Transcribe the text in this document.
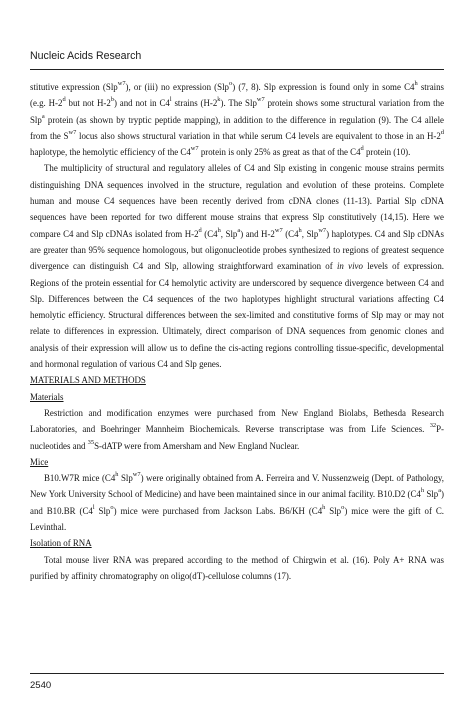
Nucleic Acids Research

stitutive expression (Slp$^{w7}$), or (iii) no expression (Slp$^o$) (7, 8). Slp expression is found only in some C4$^h$ strains (e.g. H-2$^d$ but not H-2$^b$) and not in C4$^l$ strains (H-2$^k$). The Slp$^{w7}$ protein shows some structural variation from the Slp$^a$ protein (as shown by tryptic peptide mapping), in addition to the difference in regulation (9). The C4 allele from the $S^{w7}$ locus also shows structural variation in that while serum C4 levels are equivalent to those in an H-2$^d$ haplotype, the hemolytic efficiency of the $C4^{w7}$ protein is only 25% as great as that of the C4$^d$ protein (10).

The multiplicity of structural and regulatory alleles of C4 and Slp existing in congenic mouse strains permits distinguishing DNA sequences involved in the structure, regulation and evolution of these proteins. Complete human and mouse C4 sequences have been recently derived from cDNA clones (11-13). Partial Slp cDNA sequences have been reported for two different mouse strains that express Slp constitutively (14,15). Here we compare C4 and Slp cDNAs isolated from H-2$^d$ (C4$^h$, Slp$^a$) and $H-2^{w7}$ (C4$^h$, Slp$^{w7}$) haplotypes. C4 and Slp cDNAs are greater than 95% sequence homologous, but oligonucleotide probes synthesized to regions of greatest sequence divergence can distinguish C4 and Slp, allowing straightforward examination of in vivo levels of expression. Regions of the protein essential for C4 hemolytic activity are underscored by sequence divergence between C4 and Slp. Differences between the C4 sequences of the two haplotypes highlight structural variations affecting C4 hemolytic efficiency. Structural differences between the sex-limited and constitutive forms of Slp may or may not relate to differences in expression. Ultimately, direct comparison of DNA sequences from genomic clones and analysis of their expression will allow us to define the cis-acting regions controlling tissue-specific, developmental and hormonal regulation of various C4 and Slp genes.

MATERIALS AND METHODS

Materials

Restriction and modification enzymes were purchased from New England Biolabs, Bethesda Research Laboratories, and Boehringer Mannheim Biochemicals. Reverse transcriptase was from Life Sciences. $^{32}$P-nucleotides and $^{35}$S-dATP were from Amersham and New England Nuclear.

Mice

B10.W7R mice (C4$^h$ Slp$^{w7}$) were originally obtained from A. Ferreira and V. Nussenzweig (Dept. of Pathology, New York University School of Medicine) and have been maintained since in our animal facility. B10.D2 (C4$^h$ Slp$^a$) and B10.BR (C4$^l$ Slp$^o$) mice were purchased from Jackson Labs. B6/KH (C4$^h$ Slp$^o$) mice were the gift of C. Levinthal.

Isolation of RNA

Total mouse liver RNA was prepared according to the method of Chirgwin et al. (16). Poly A+ RNA was purified by affinity chromatography on oligo(dT)-cellulose columns (17).

2540
